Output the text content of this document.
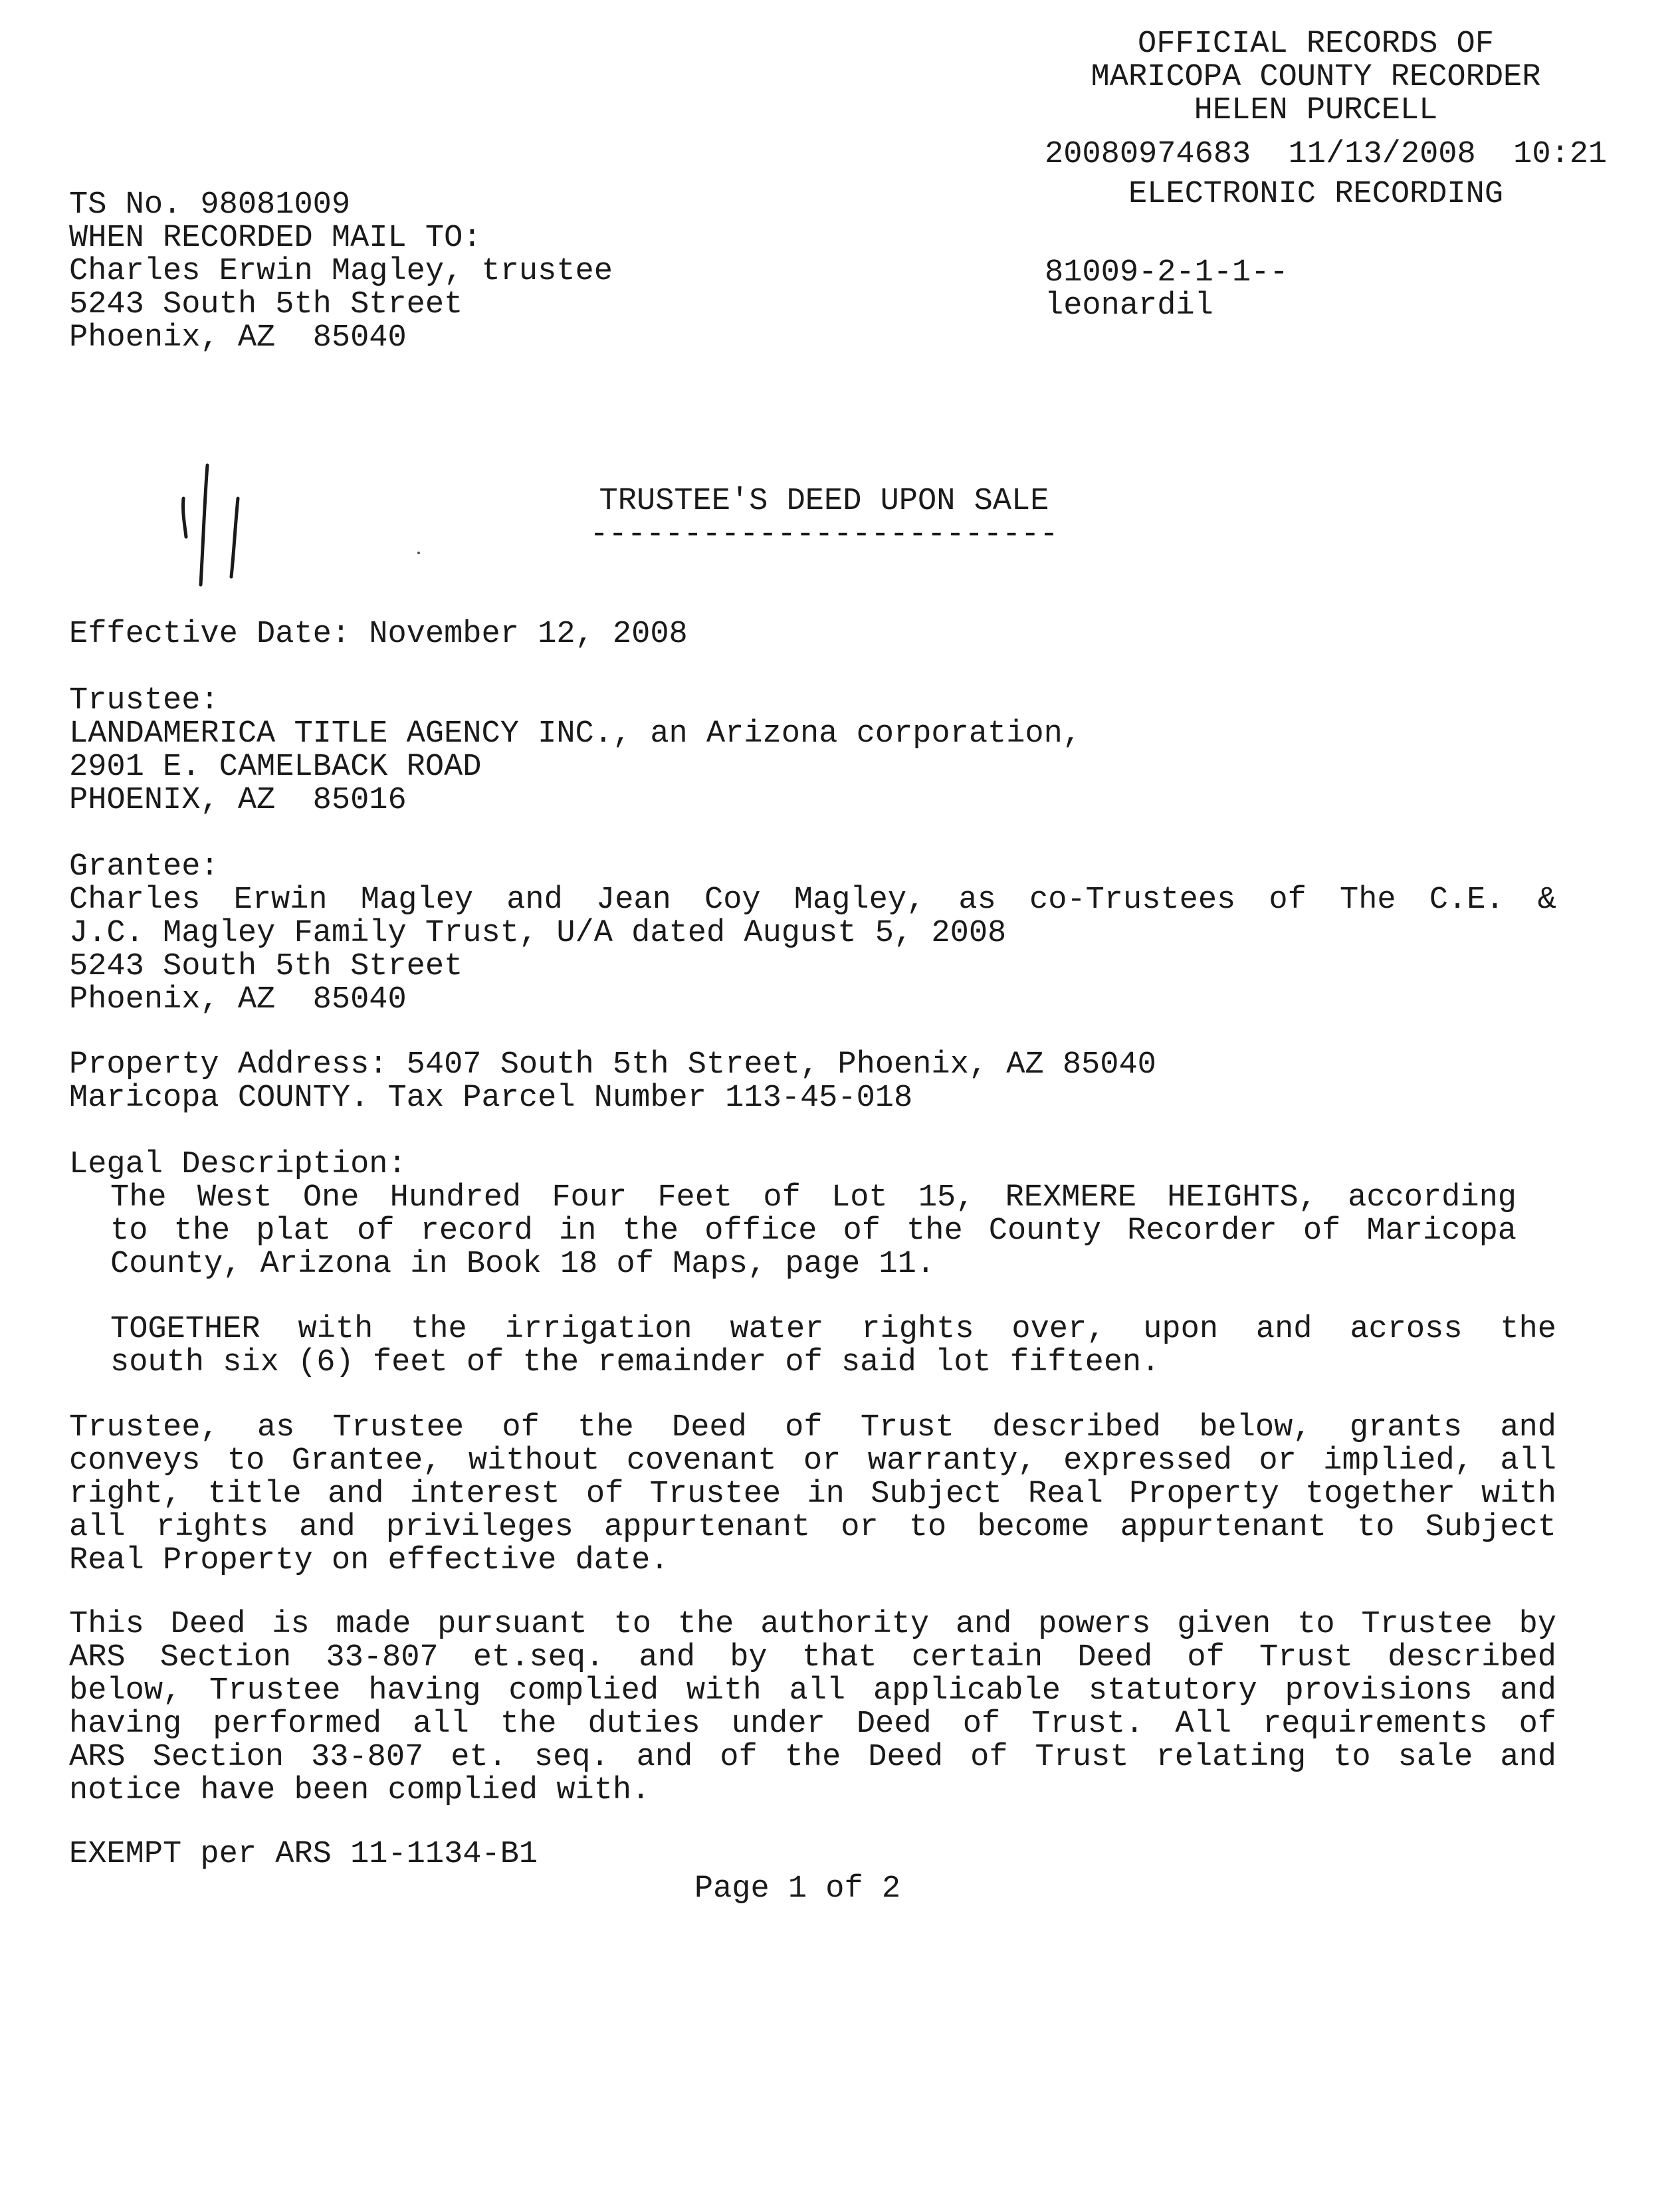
OFFICIAL RECORDS OF
MARICOPA COUNTY RECORDER
HELEN PURCELL
20080974683  11/13/2008  10:21
ELECTRONIC RECORDING
81009-2-1-1--
leonardil
TS No. 98081009
WHEN RECORDED MAIL TO:
Charles Erwin Magley, trustee
5243 South 5th Street
Phoenix, AZ  85040

TRUSTEE'S DEED UPON SALE
-------------------------
Effective Date: November 12, 2008
Trustee:
LANDAMERICA TITLE AGENCY INC., an Arizona corporation,
2901 E. CAMELBACK ROAD
PHOENIX, AZ  85016
Grantee:
Charles Erwin Magley and Jean Coy Magley, as co-Trustees of The C.E. &
J.C. Magley Family Trust, U/A dated August 5, 2008
5243 South 5th Street
Phoenix, AZ  85040
Property Address: 5407 South 5th Street, Phoenix, AZ 85040
Maricopa COUNTY. Tax Parcel Number 113-45-018
Legal Description:
The West One Hundred Four Feet of Lot 15, REXMERE HEIGHTS, according
to the plat of record in the office of the County Recorder of Maricopa
County, Arizona in Book 18 of Maps, page 11.
TOGETHER with the irrigation water rights over, upon and across the
south six (6) feet of the remainder of said lot fifteen.
Trustee, as Trustee of the Deed of Trust described below, grants and
conveys to Grantee, without covenant or warranty, expressed or implied, all
right, title and interest of Trustee in Subject Real Property together with
all rights and privileges appurtenant or to become appurtenant to Subject
Real Property on effective date.
This Deed is made pursuant to the authority and powers given to Trustee by
ARS Section 33-807 et.seq. and by that certain Deed of Trust described
below, Trustee having complied with all applicable statutory provisions and
having performed all the duties under Deed of Trust. All requirements of
ARS Section 33-807 et. seq. and of the Deed of Trust relating to sale and
notice have been complied with.
EXEMPT per ARS 11-1134-B1
Page 1 of 2
